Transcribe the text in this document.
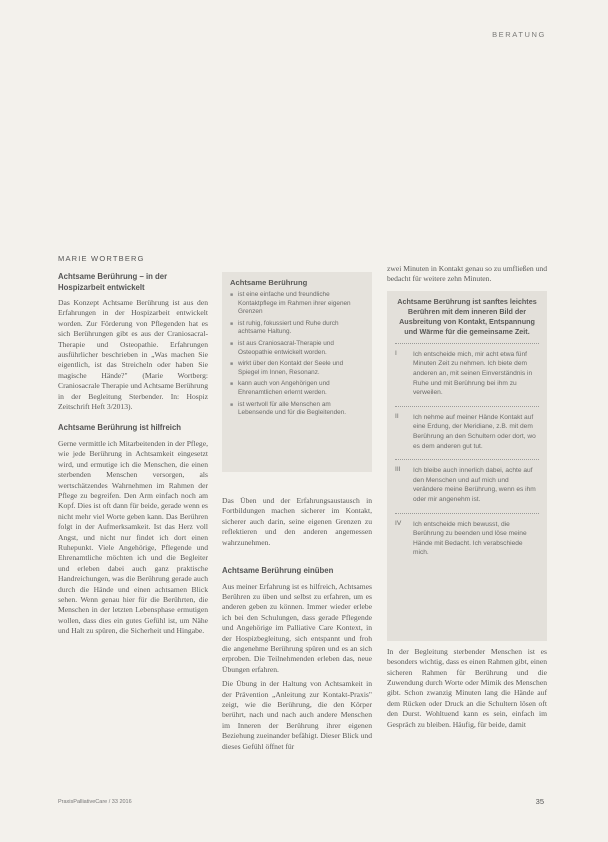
BERATUNG
MARIE WORTBERG
Achtsame Berührung – in der Hospizarbeit entwickelt

Das Konzept Achtsame Berührung ist aus den Erfahrungen in der Hospizarbeit entwickelt worden. Zur Förderung von Pflegenden hat es sich Berührungen gibt es aus der Craniosacral-Therapie und Osteopathie. Erfahrungen ausführlicher beschrieben in „Was machen Sie eigentlich, ist das Streicheln oder haben Sie magische Hände?" (Marie Wortberg: Craniosacrale Therapie und Achtsame Berührung in der Begleitung Sterbender. In: Hospiz Zeitschrift Heft 3/2013).

Achtsame Berührung ist hilfreich

Gerne vermittle ich Mitarbeitenden in der Pflege, wie jede Berührung in Achtsamkeit eingesetzt wird, und ermutige ich die Menschen, die einen sterbenden Menschen versorgen, als wertschätzendes Wahrnehmen im Rahmen der Pflege zu begreifen. Den Arm einfach noch am Kopf. Dies ist oft dann für beide, gerade wenn es nicht mehr viel Worte geben kann. Das Berühren folgt in der Aufmerksamkeit. Ist das Herz voll Angst, und nicht nur findet ich dort einen Ruhepunkt. Viele Angehörige, Pflegende und Ehrenamtliche möchten ich und die Begleiter und erleben dabei auch ganz praktische Handreichungen, was die Berührung gerade auch durch die Hände und einen achtsamen Blick sehen. Wenn genau hier für die Berührten, die Menschen in der letzten Lebensphase ermutigen wollen, dass dies ein gutes Gefühl ist, um Nähe und Halt zu spüren, die Sicherheit und Hingabe.

Achtsame Berührung
■ ist eine einfache und freundliche Kontaktpflege im Rahmen ihrer eigenen Grenzen
■ ist ruhig, fokussiert und Ruhe durch achtsame Haltung.
■ ist aus Craniosacral-Therapie und Osteopathie entwickelt worden.
■ wirkt über den Kontakt der Seele und Spiegel im Innen, Resonanz.
■ kann auch von Angehörigen und Ehrenamtlichen erlernt werden.
■ ist wertvoll für alle Menschen am Lebensende und für die Begleitenden.

Das Üben und der Erfahrungsaustausch in Fortbildungen machen sicherer im Kontakt, sicherer auch darin, seine eigenen Grenzen zu reflektieren und den anderen angemessen wahrzunehmen.

Achtsame Berührung einüben

Aus meiner Erfahrung ist es hilfreich, Achtsames Berühren zu üben und selbst zu erfahren, um es anderen geben zu können. Immer wieder erlebe ich bei den Schulungen, dass gerade Pflegende und Angehörige im Palliative Care Kontext, in der Hospizbegleitung, sich entspannt und froh die angenehme Berührung spüren und es an sich erproben. Die Teilnehmenden erleben das, neue Übungen erfahren.

Die Übung in der Haltung von Achtsamkeit in der Prävention „Anleitung zur Kontakt-Praxis" zeigt, wie die Berührung, die den Körper berührt, nach und nach auch andere Menschen im Inneren der Berührung ihrer eigenen Beziehung zueinander befähigt. Dieser Blick und dieses Gefühl öffnet für

zwei Minuten in Kontakt genau so zu umfließen und bedacht für weitere zehn Minuten.

Achtsame Berührung ist sanftes leichtes Berühren mit dem inneren Bild der Ausbreitung von Kontakt, Entspannung und Wärme für die gemeinsame Zeit.
I	Ich entscheide mich, mir acht etwa fünf Minuten Zeit zu nehmen. Ich biete dem anderen an, mit seinen Einverständnis in Ruhe und mit Berührung bei ihm zu verweilen.
II	Ich nehme auf meiner Hände Kontakt auf eine Erdung, der Meridiane, z.B. mit dem Berührung an den Schultern oder dort, wo es dem anderen gut tut.
III	Ich bleibe auch innerlich dabei, achte auf den Menschen und auf mich und verändere meine Berührung, wenn es ihm oder mir angenehm ist.
IV	Ich entscheide mich bewusst, die Berührung zu beenden und löse meine Hände mit Bedacht. Ich verabschiede mich.

In der Begleitung sterbender Menschen ist es besonders wichtig, dass es einen Rahmen gibt, einen sicheren Rahmen für Berührung und die Zuwendung durch Worte oder Mimik des Menschen gibt. Schon zwanzig Minuten lang die Hände auf dem Rücken oder Druck an die Schultern lösen oft den Durst. Wohltuend kann es sein, einfach im Gespräch zu bleiben. Häufig, für beide, damit

PraxisPalliativeCare / 33 2016	35
